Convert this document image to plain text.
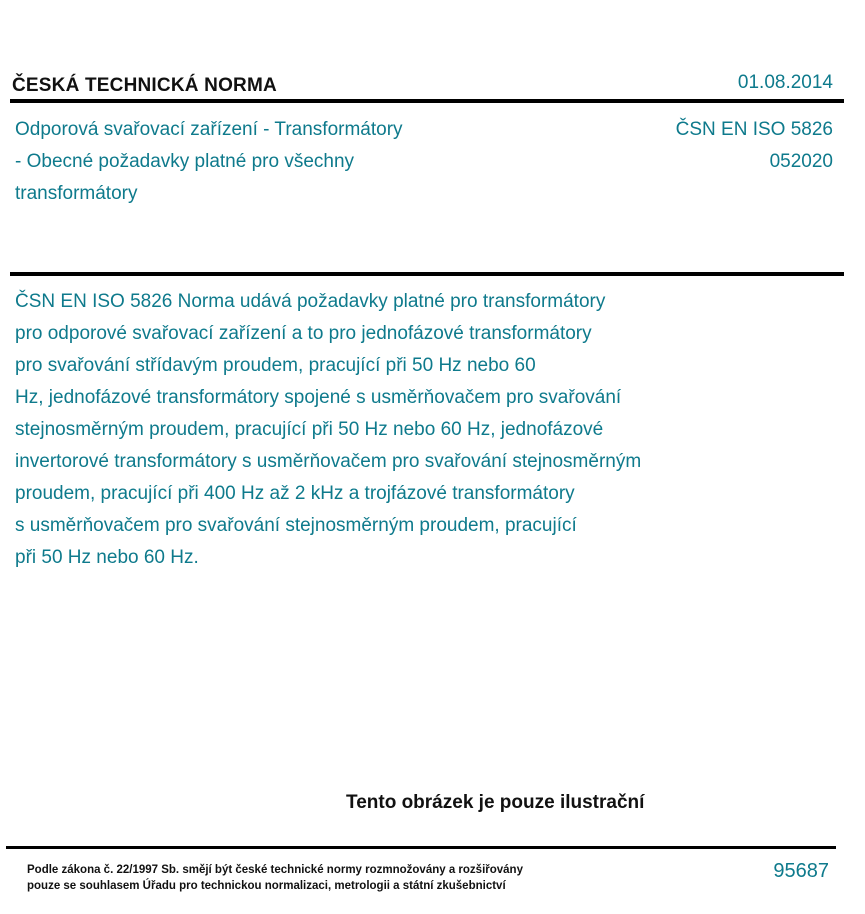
ČESKÁ TECHNICKÁ NORMA	01.08.2014
Odporová svařovací zařízení - Transformátory
- Obecné požadavky platné pro všechny
transformátory
ČSN EN ISO 5826
052020
ČSN EN ISO 5826 Norma udává požadavky platné pro transformátory
pro odporové svařovací zařízení a to pro jednofázové transformátory
pro svařování střídavým proudem, pracující při 50 Hz nebo 60
Hz, jednofázové transformátory spojené s usměrňovačem pro svařování
stejnosměrným proudem, pracující při 50 Hz nebo 60 Hz, jednofázové
invertorové transformátory s usměrňovačem pro svařování stejnosměrným
proudem, pracující při 400 Hz až 2 kHz a trojfázové transformátory
s usměrňovačem pro svařování stejnosměrným proudem, pracující
při 50 Hz nebo 60 Hz.
Tento obrázek je pouze ilustrační
Podle zákona č. 22/1997 Sb. smějí být české technické normy rozmnožovány a rozšiřovány
pouze se souhlasem Úřadu pro technickou normalizaci, metrologii a státní zkušebnictví
95687
